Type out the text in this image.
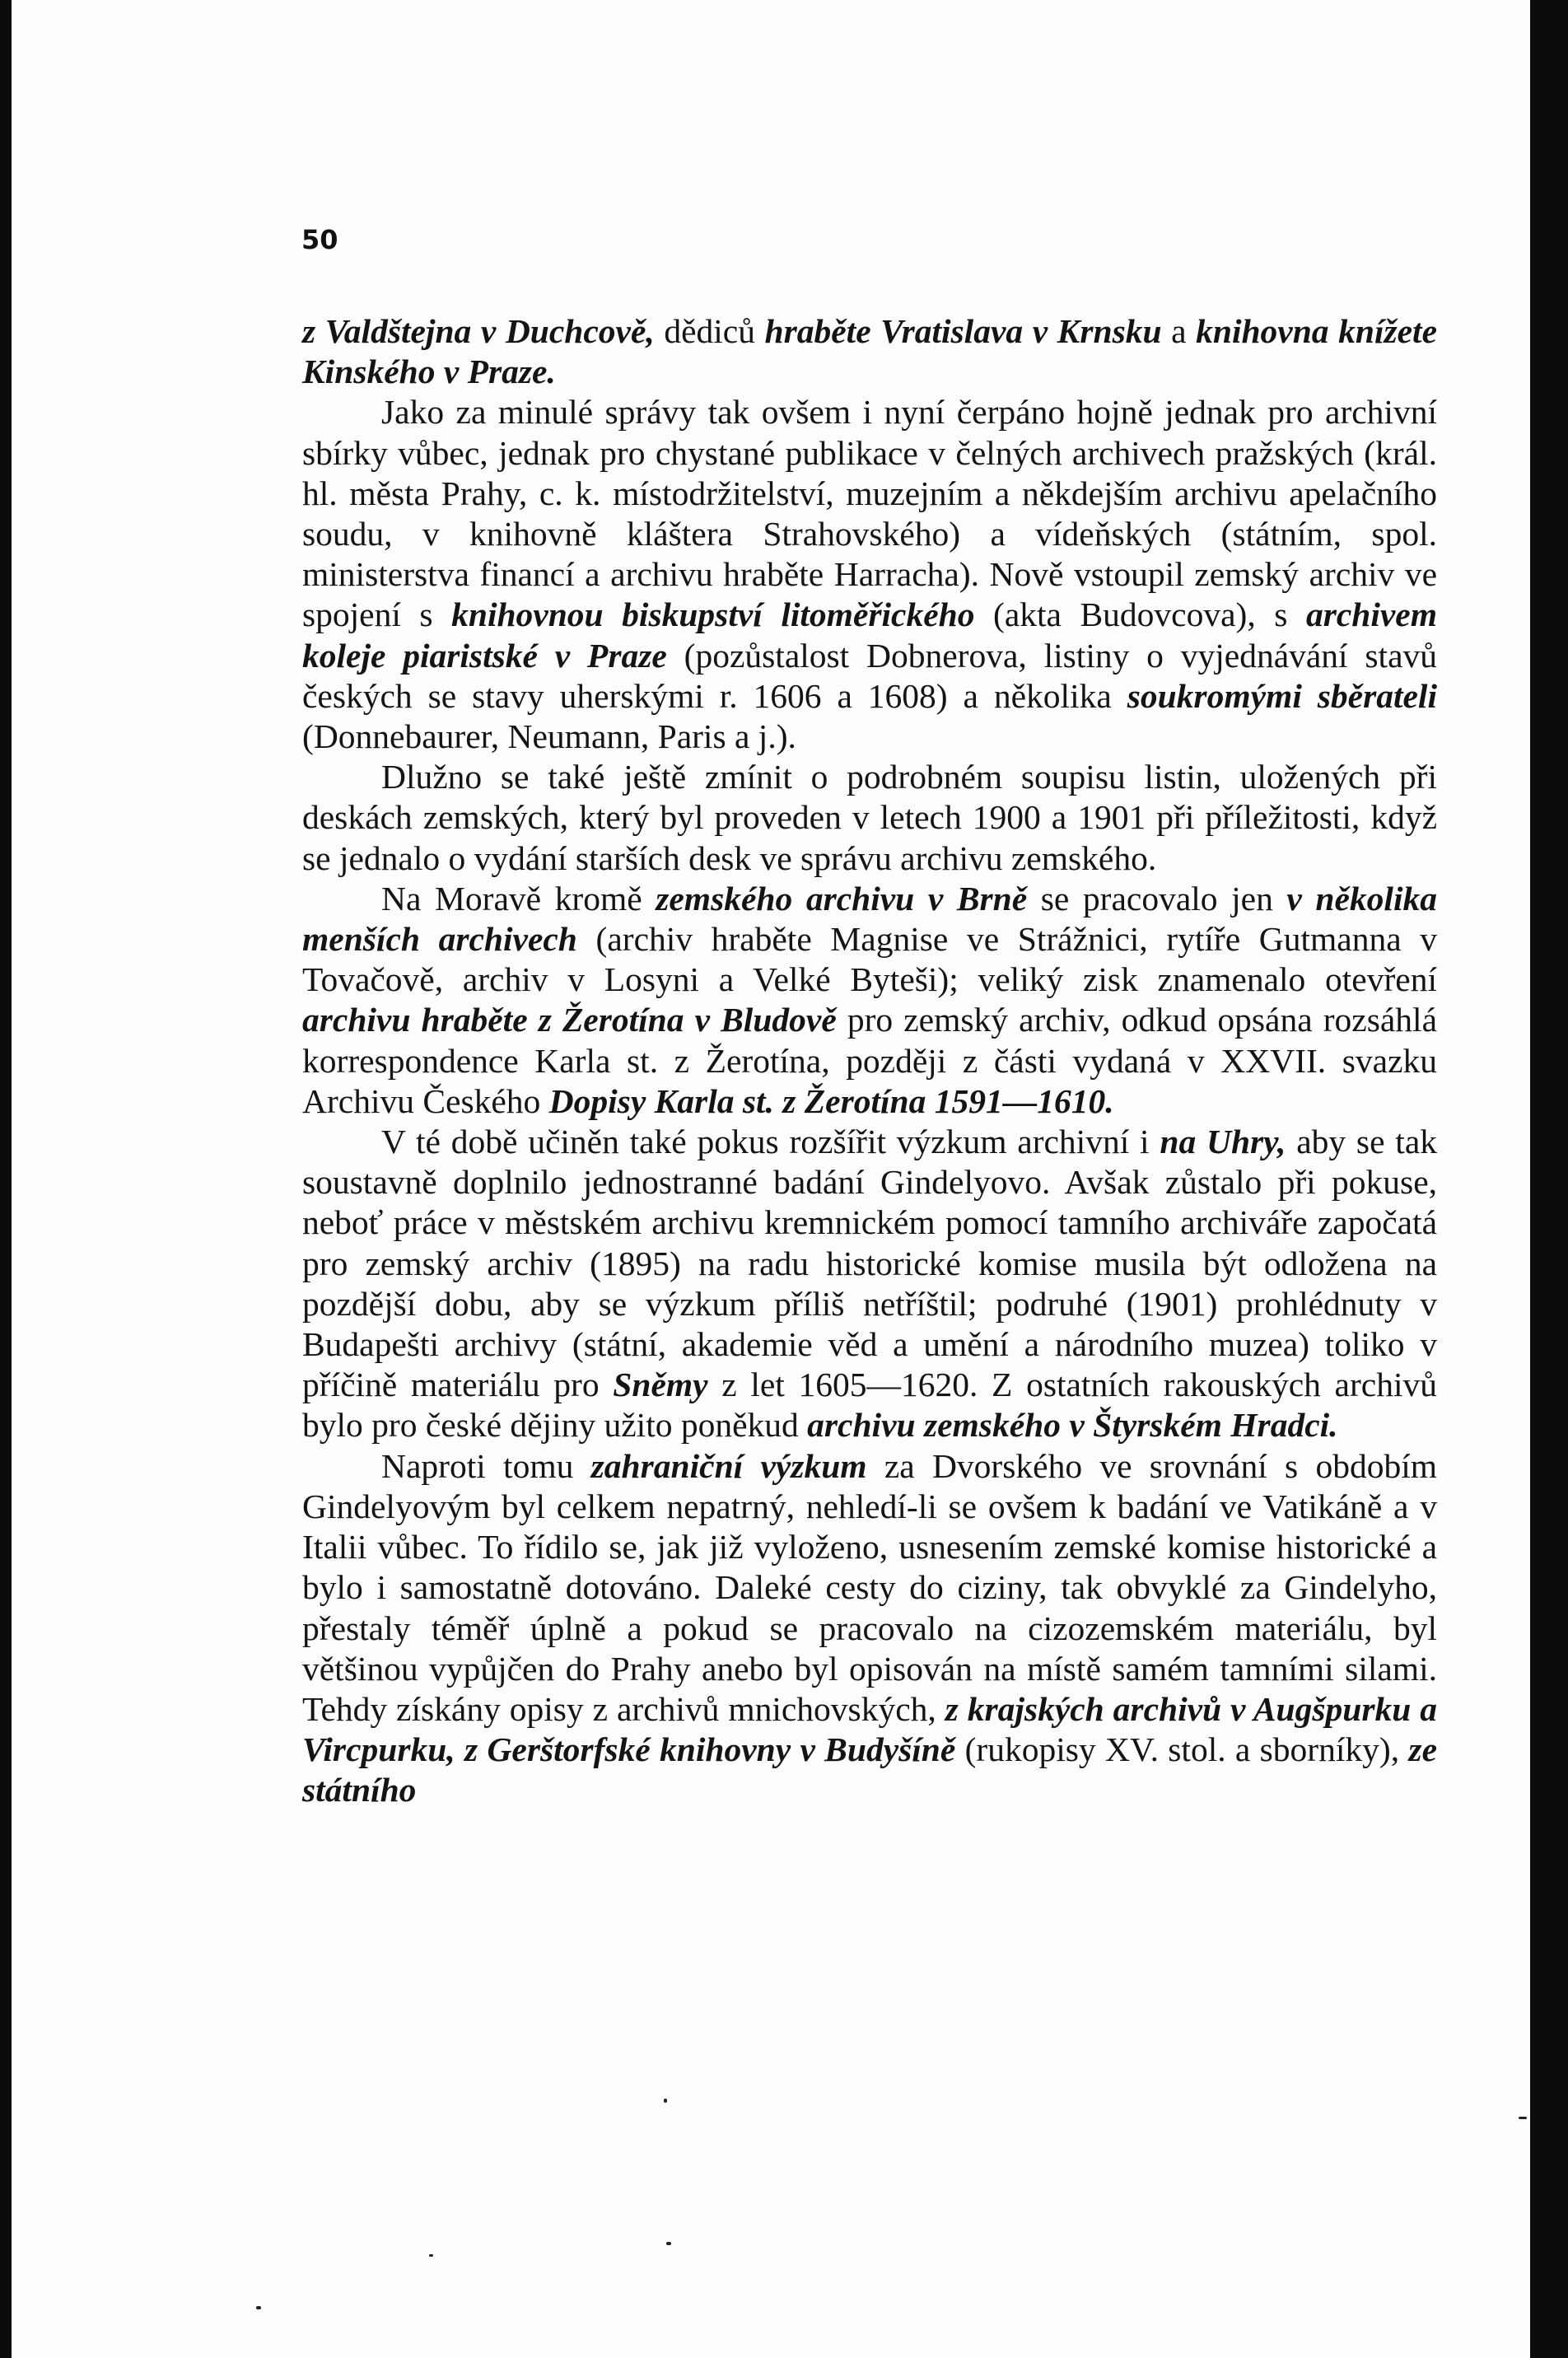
50

z Valdštejna v Duchcově, dědiců hraběte Vratislava v Krnsku a knihovna knížete Kinského v Praze.

Jako za minulé správy tak ovšem i nyní čerpáno hojně jednak pro archivní sbírky vůbec, jednak pro chystané publikace v čelných archivech pražských (král. hl. města Prahy, c. k. místodržitelství, muzejním a někdejším archivu apelačního soudu, v knihovně kláštera Strahovského) a vídeňských (státním, spol. ministerstva financí a archivu hraběte Harracha). Nově vstoupil zemský archiv ve spojení s knihovnou biskupství litoměřického (akta Budovcova), s archivem koleje piaristské v Praze (pozůstalost Dobnerova, listiny o vyjednávání stavů českých se stavy uherskými r. 1606 a 1608) a několika soukromými sběrateli (Donnebaurer, Neumann, Paris a j.).

Dlužno se také ještě zmínit o podrobném soupisu listin, uložených při deskách zemských, který byl proveden v letech 1900 a 1901 při příležitosti, když se jednalo o vydání starších desk ve správu archivu zemského.

Na Moravě kromě zemského archivu v Brně se pracovalo jen v několika menších archivech (archiv hraběte Magnise ve Strážnici, rytíře Gutmanna v Tovačově, archiv v Losyni a Velké Byteši); veliký zisk znamenalo otevření archivu hraběte z Žerotína v Bludově pro zemský archiv, odkud opsána rozsáhlá korrespondence Karla st. z Žerotína, později z části vydaná v XXVII. svazku Archivu Českého Dopisy Karla st. z Žerotína 1591—1610.

V té době učiněn také pokus rozšířit výzkum archivní i na Uhry, aby se tak soustavně doplnilo jednostranné badání Gindelyovo. Avšak zůstalo při pokuse, neboť práce v městském archivu kremnickém pomocí tamního archiváře započatá pro zemský archiv (1895) na radu historické komise musila být odložena na pozdější dobu, aby se výzkum příliš netříštil; podruhé (1901) prohlédnuty v Budapešti archivy (státní, akademie věd a umění a národního muzea) toliko v příčině materiálu pro Sněmy z let 1605—1620. Z ostatních rakouských archivů bylo pro české dějiny užito poněkud archivu zemského v Štyrském Hradci.

Naproti tomu zahraniční výzkum za Dvorského ve srovnání s obdobím Gindelyovým byl celkem nepatrný, nehledí-li se ovšem k badání ve Vatikáně a v Italii vůbec. To řídilo se, jak již vyloženo, usnesením zemské komise historické a bylo i samostatně dotováno. Daleké cesty do ciziny, tak obvyklé za Gindelyho, přestaly téměř úplně a pokud se pracovalo na cizozemském materiálu, byl většinou vypůjčen do Prahy anebo byl opisován na místě samém tamními silami. Tehdy získány opisy z archivů mnichovských, z krajských archivů v Augšpurku a Vircpurku, z Gerštorfské knihovny v Budyšíně (rukopisy XV. stol. a sborníky), ze státního
